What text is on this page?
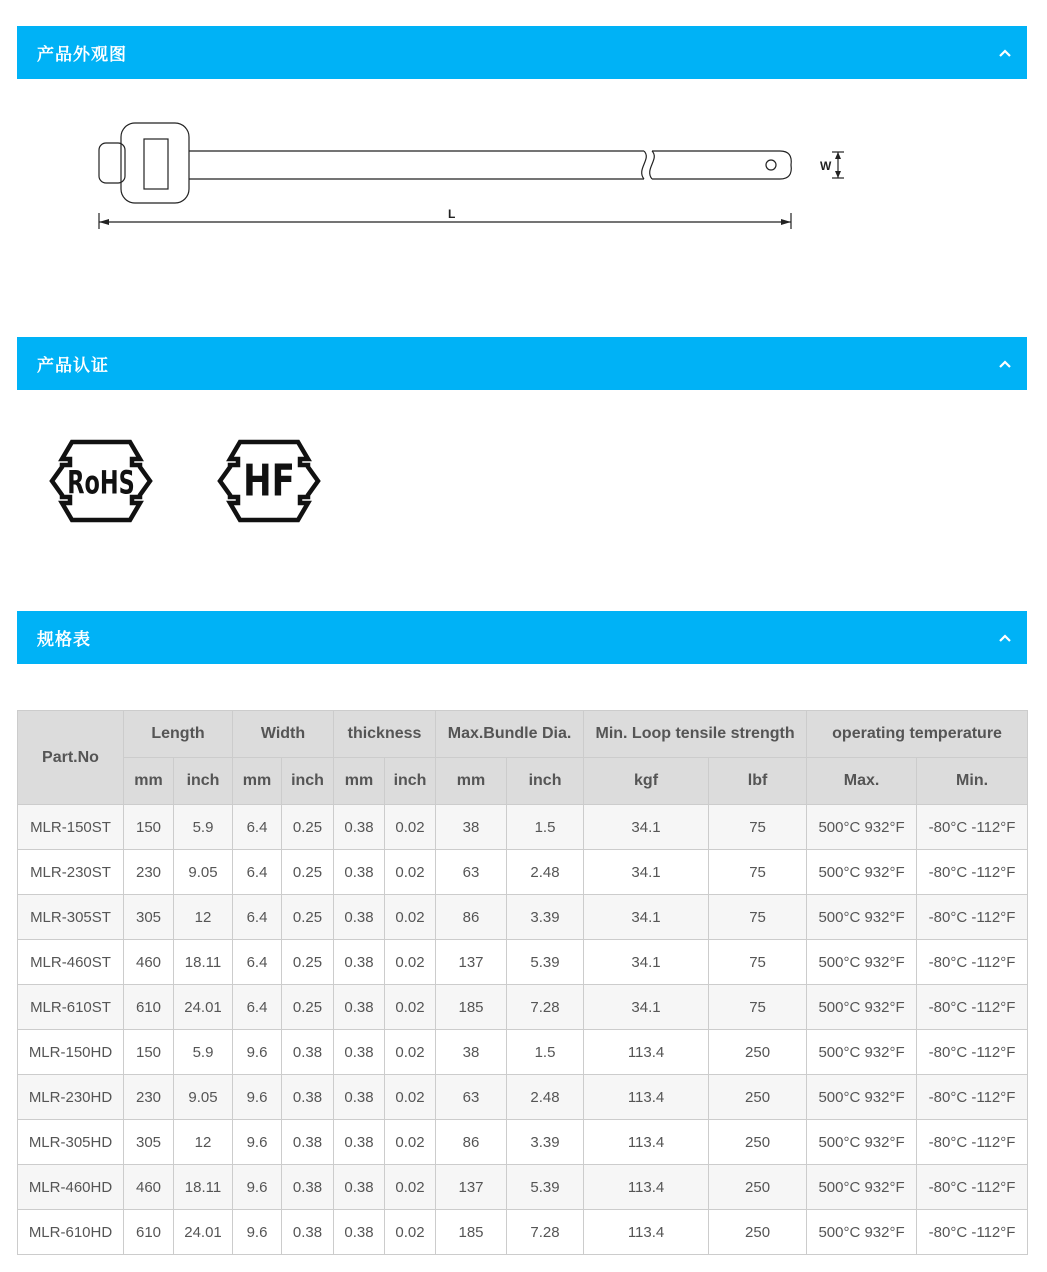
产品外观图
W
L
产品认证
RoHS	HF
规格表
Part.No	Length		Width		thickness		Max.Bundle Dia.		Min. Loop tensile strength		operating temperature	
	mm	inch	mm	inch	mm	inch	mm	inch	kgf	lbf	Max.	Min.
MLR-150ST	150	5.9	6.4	0.25	0.38	0.02	38	1.5	34.1	75	500°C 932°F	-80°C -112°F
MLR-230ST	230	9.05	6.4	0.25	0.38	0.02	63	2.48	34.1	75	500°C 932°F	-80°C -112°F
MLR-305ST	305	12	6.4	0.25	0.38	0.02	86	3.39	34.1	75	500°C 932°F	-80°C -112°F
MLR-460ST	460	18.11	6.4	0.25	0.38	0.02	137	5.39	34.1	75	500°C 932°F	-80°C -112°F
MLR-610ST	610	24.01	6.4	0.25	0.38	0.02	185	7.28	34.1	75	500°C 932°F	-80°C -112°F
MLR-150HD	150	5.9	9.6	0.38	0.38	0.02	38	1.5	113.4	250	500°C 932°F	-80°C -112°F
MLR-230HD	230	9.05	9.6	0.38	0.38	0.02	63	2.48	113.4	250	500°C 932°F	-80°C -112°F
MLR-305HD	305	12	9.6	0.38	0.38	0.02	86	3.39	113.4	250	500°C 932°F	-80°C -112°F
MLR-460HD	460	18.11	9.6	0.38	0.38	0.02	137	5.39	113.4	250	500°C 932°F	-80°C -112°F
MLR-610HD	610	24.01	9.6	0.38	0.38	0.02	185	7.28	113.4	250	500°C 932°F	-80°C -112°F
